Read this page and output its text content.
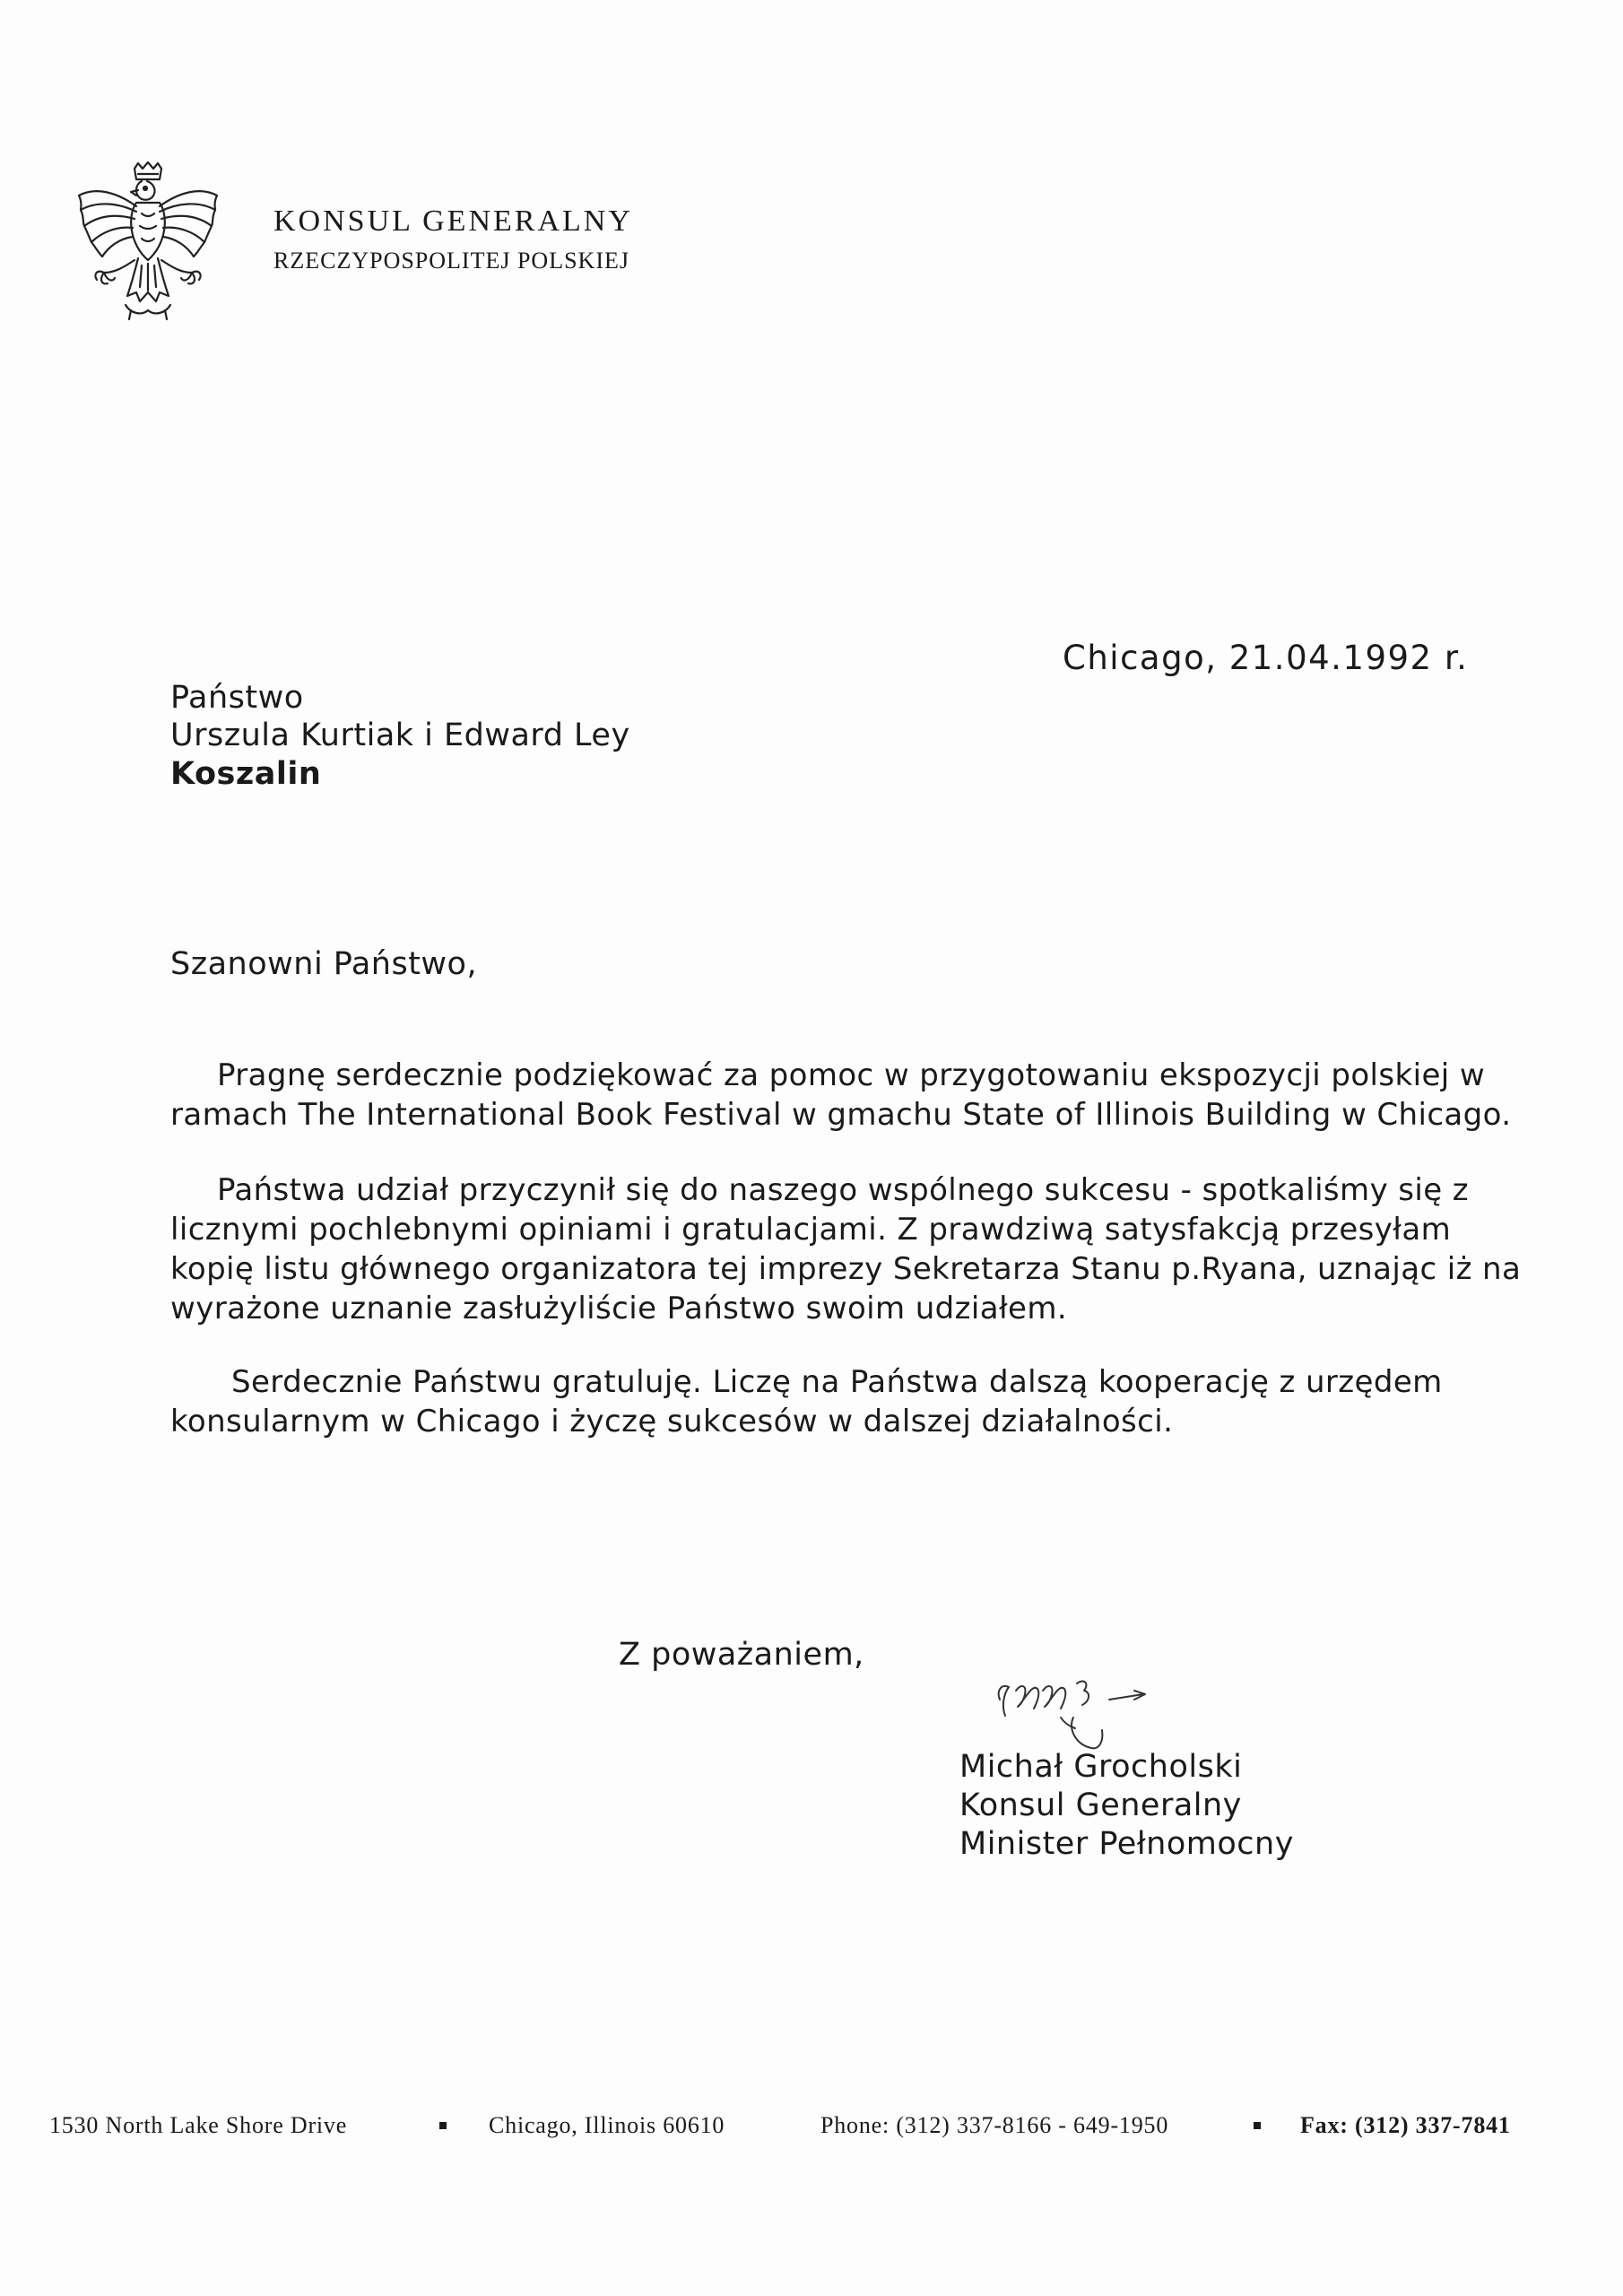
KONSUL GENERALNY
RZECZYPOSPOLITEJ POLSKIEJ
Chicago, 21.04.1992 r.
Państwo
Urszula Kurtiak i Edward Ley
Koszalin
Szanowni Państwo,
Pragnę serdecznie podziękować za pomoc w przygotowaniu ekspozycji polskiej w
ramach The International Book Festival w gmachu State of Illinois Building w Chicago.
Państwa udział przyczynił się do naszego wspólnego sukcesu - spotkaliśmy się z
licznymi pochlebnymi opiniami i gratulacjami. Z prawdziwą satysfakcją przesyłam
kopię listu głównego organizatora tej imprezy Sekretarza Stanu p.Ryana, uznając iż na
wyrażone uznanie zasłużyliście Państwo swoim udziałem.
Serdecznie Państwu gratuluję. Liczę na Państwa dalszą kooperację z urzędem
konsularnym w Chicago i życzę sukcesów w dalszej działalności.
Z poważaniem,
Michał Grocholski
Konsul Generalny
Minister Pełnomocny
1530 North Lake Shore Drive	Chicago, Illinois 60610	Phone: (312) 337-8166 - 649-1950	Fax: (312) 337-7841
